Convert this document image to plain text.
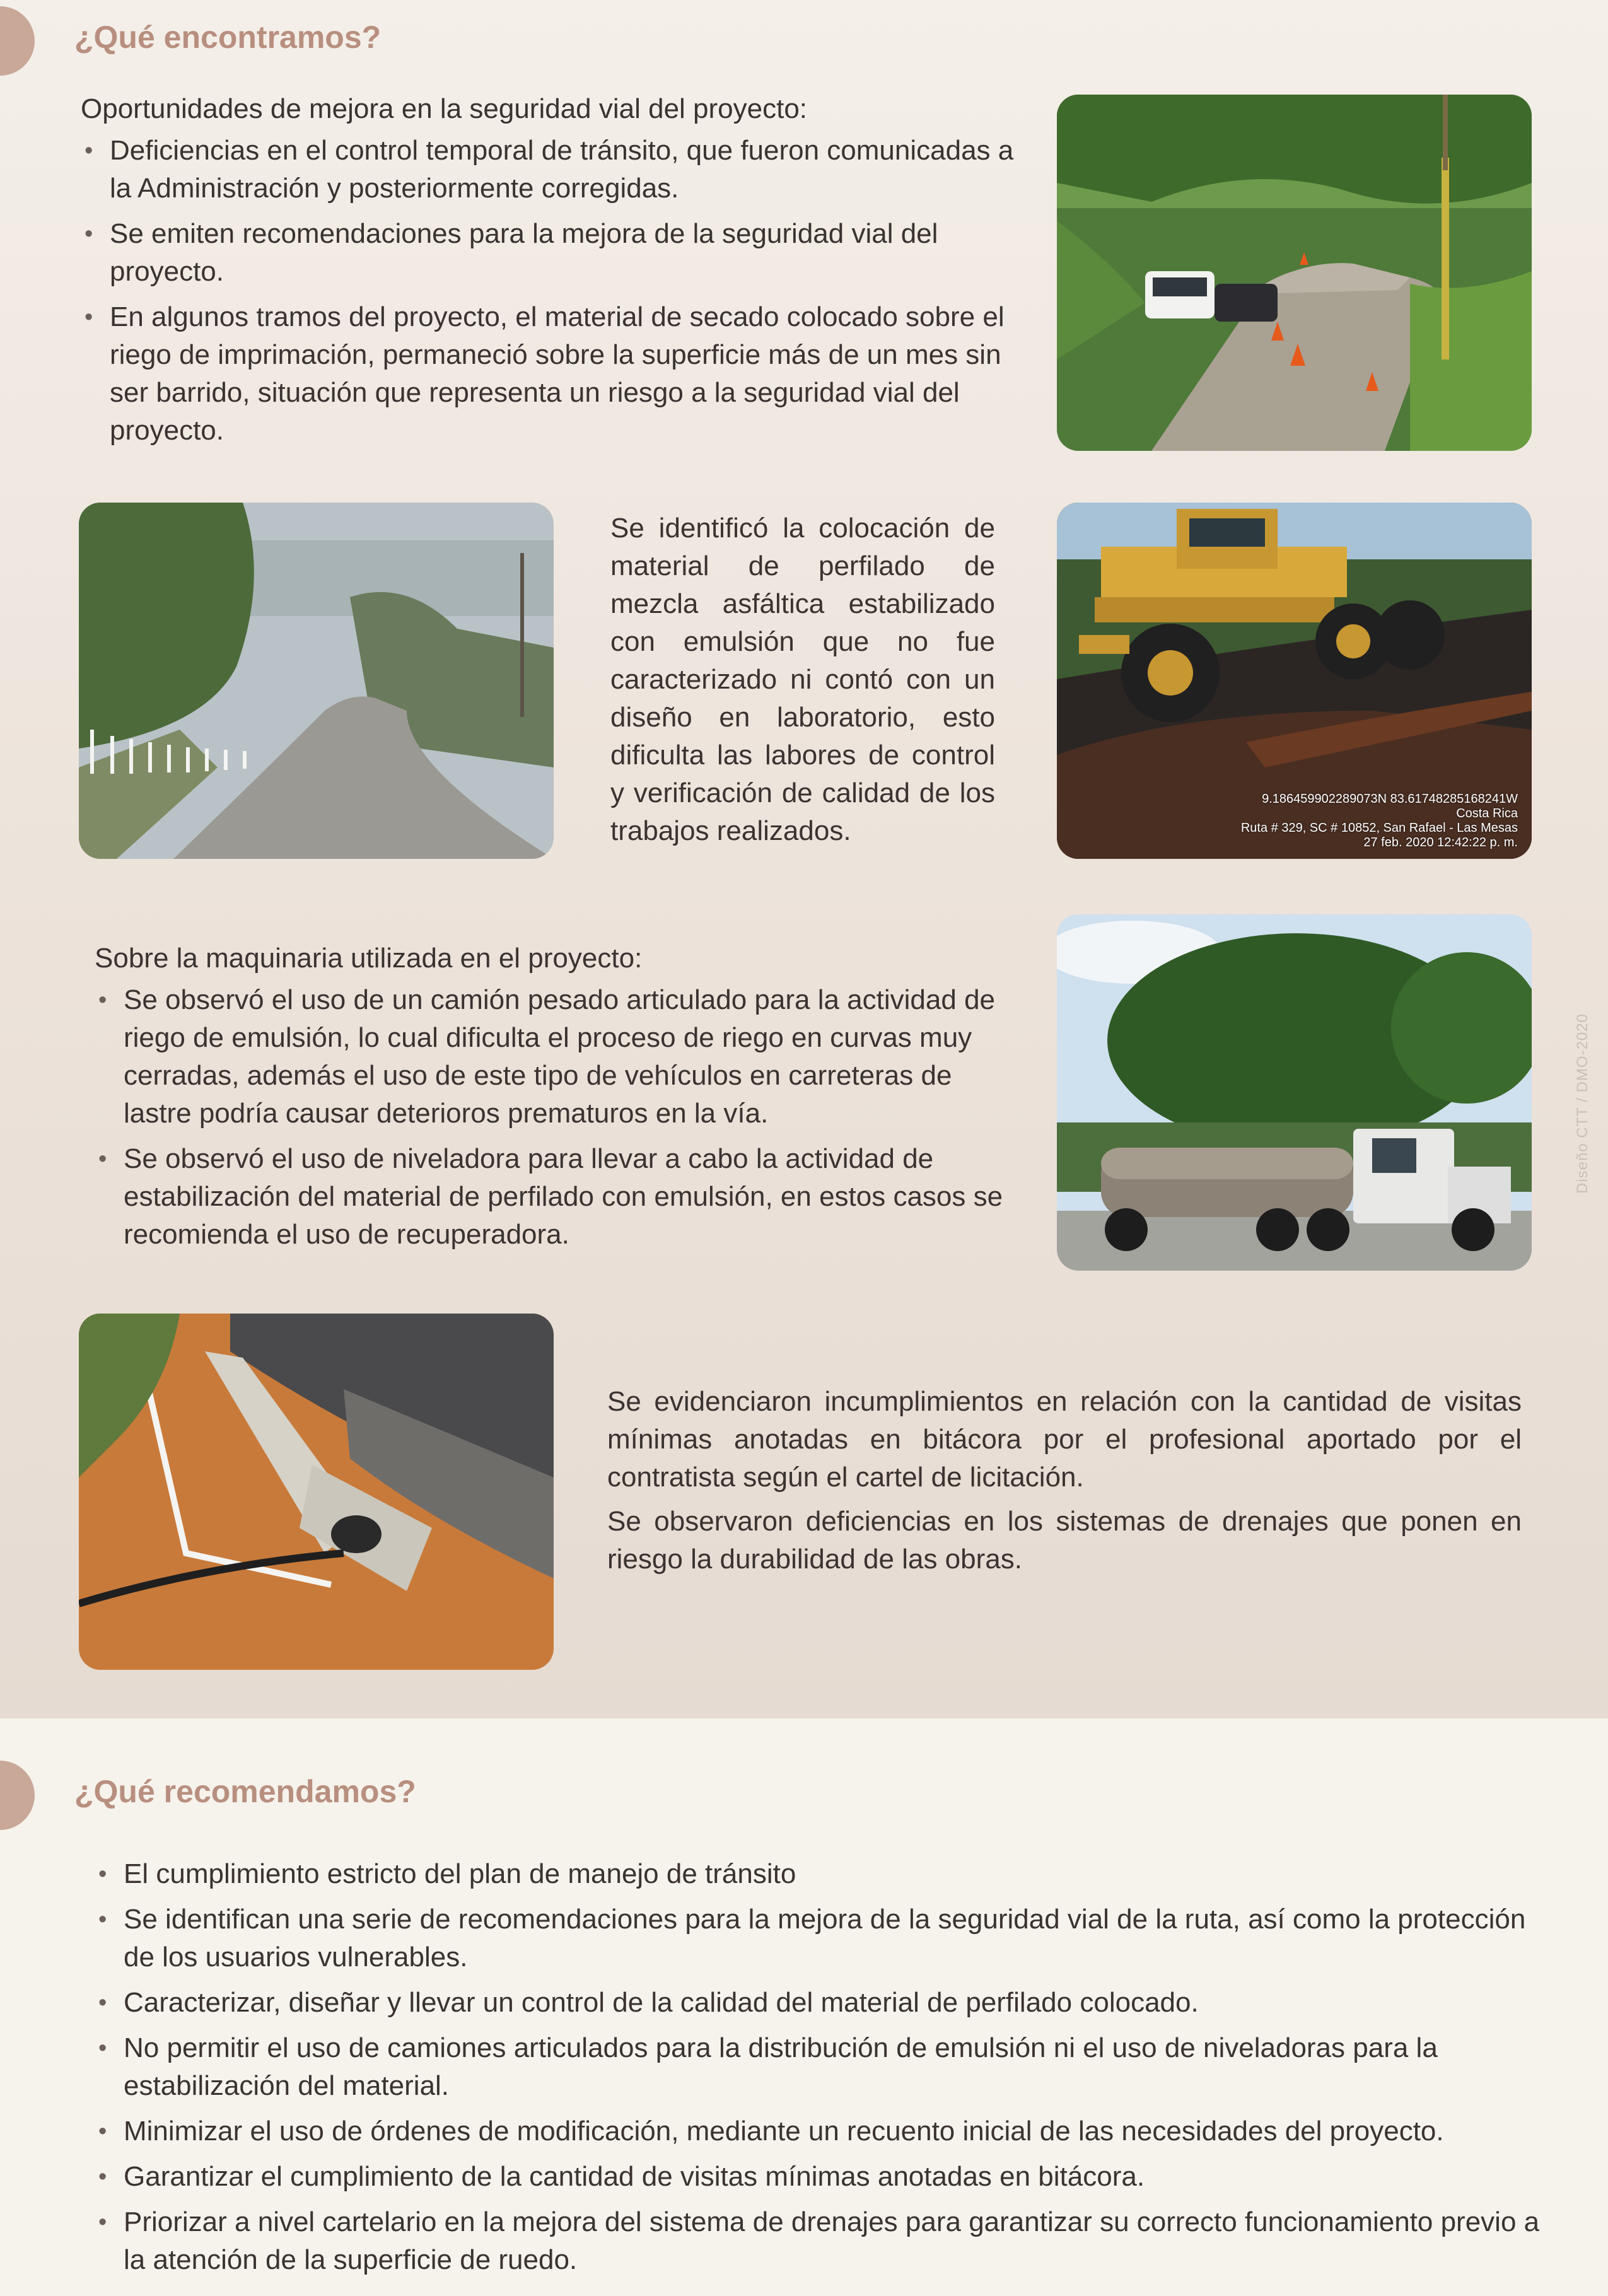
¿Qué encontramos?

Oportunidades de mejora en la seguridad vial del proyecto:

• Deficiencias en el control temporal de tránsito, que fueron comunicadas a la Administración y posteriormente corregidas.
• Se emiten recomendaciones para la mejora de la seguridad vial del proyecto.
• En algunos tramos del proyecto, el material de secado colocado sobre el riego de imprimación, permaneció sobre la superficie más de un mes sin ser barrido, situación que representa un riesgo a la seguridad vial del proyecto.
Se identificó la colocación de material de perfilado de mezcla asfáltica estabilizado con emulsión que no fue caracterizado ni contó con un diseño en laboratorio, esto dificulta las labores de control y verificación de calidad de los trabajos realizados.
9.186459902289073N 83.617482851682​41W
Costa Rica
Ruta # 329, SC # 10852, San Rafael - Las Mesas
27 feb. 2020 12:42:22 p. m.

Sobre la maquinaria utilizada en el proyecto:

• Se observó el uso de un camión pesado articulado para la actividad de riego de emulsión, lo cual dificulta el proceso de riego en curvas muy cerradas, además el uso de este tipo de vehículos en carreteras de lastre podría causar deterioros prematuros en la vía.
• Se observó el uso de niveladora para llevar a cabo la actividad de estabilización del material de perfilado con emulsión, en estos casos se recomienda el uso de recuperadora.

Se evidenciaron incumplimientos en relación con la cantidad de visitas mínimas anotadas en bitácora por el profesional aportado por el contratista según el cartel de licitación.

Se observaron deficiencias en los sistemas de drenajes que ponen en riesgo la durabilidad de las obras.

Diseño CTT / DMO-2020
¿Qué recomendamos?
• El cumplimiento estricto del plan de manejo de tránsito
• Se identifican una serie de recomendaciones para la mejora de la seguridad vial de la ruta, así como la protección de los usuarios vulnerables.
• Caracterizar, diseñar y llevar un control de la calidad del material de perfilado colocado.
• No permitir el uso de camiones articulados para la distribución de emulsión ni el uso de niveladoras para la estabilización del material.
• Minimizar el uso de órdenes de modificación, mediante un recuento inicial de las necesidades del proyecto.
• Garantizar el cumplimiento de la cantidad de visitas mínimas anotadas en bitácora.
• Priorizar a nivel cartelario en la mejora del sistema de drenajes para garantizar su correcto funcionamiento previo a la atención de la superficie de ruedo.
